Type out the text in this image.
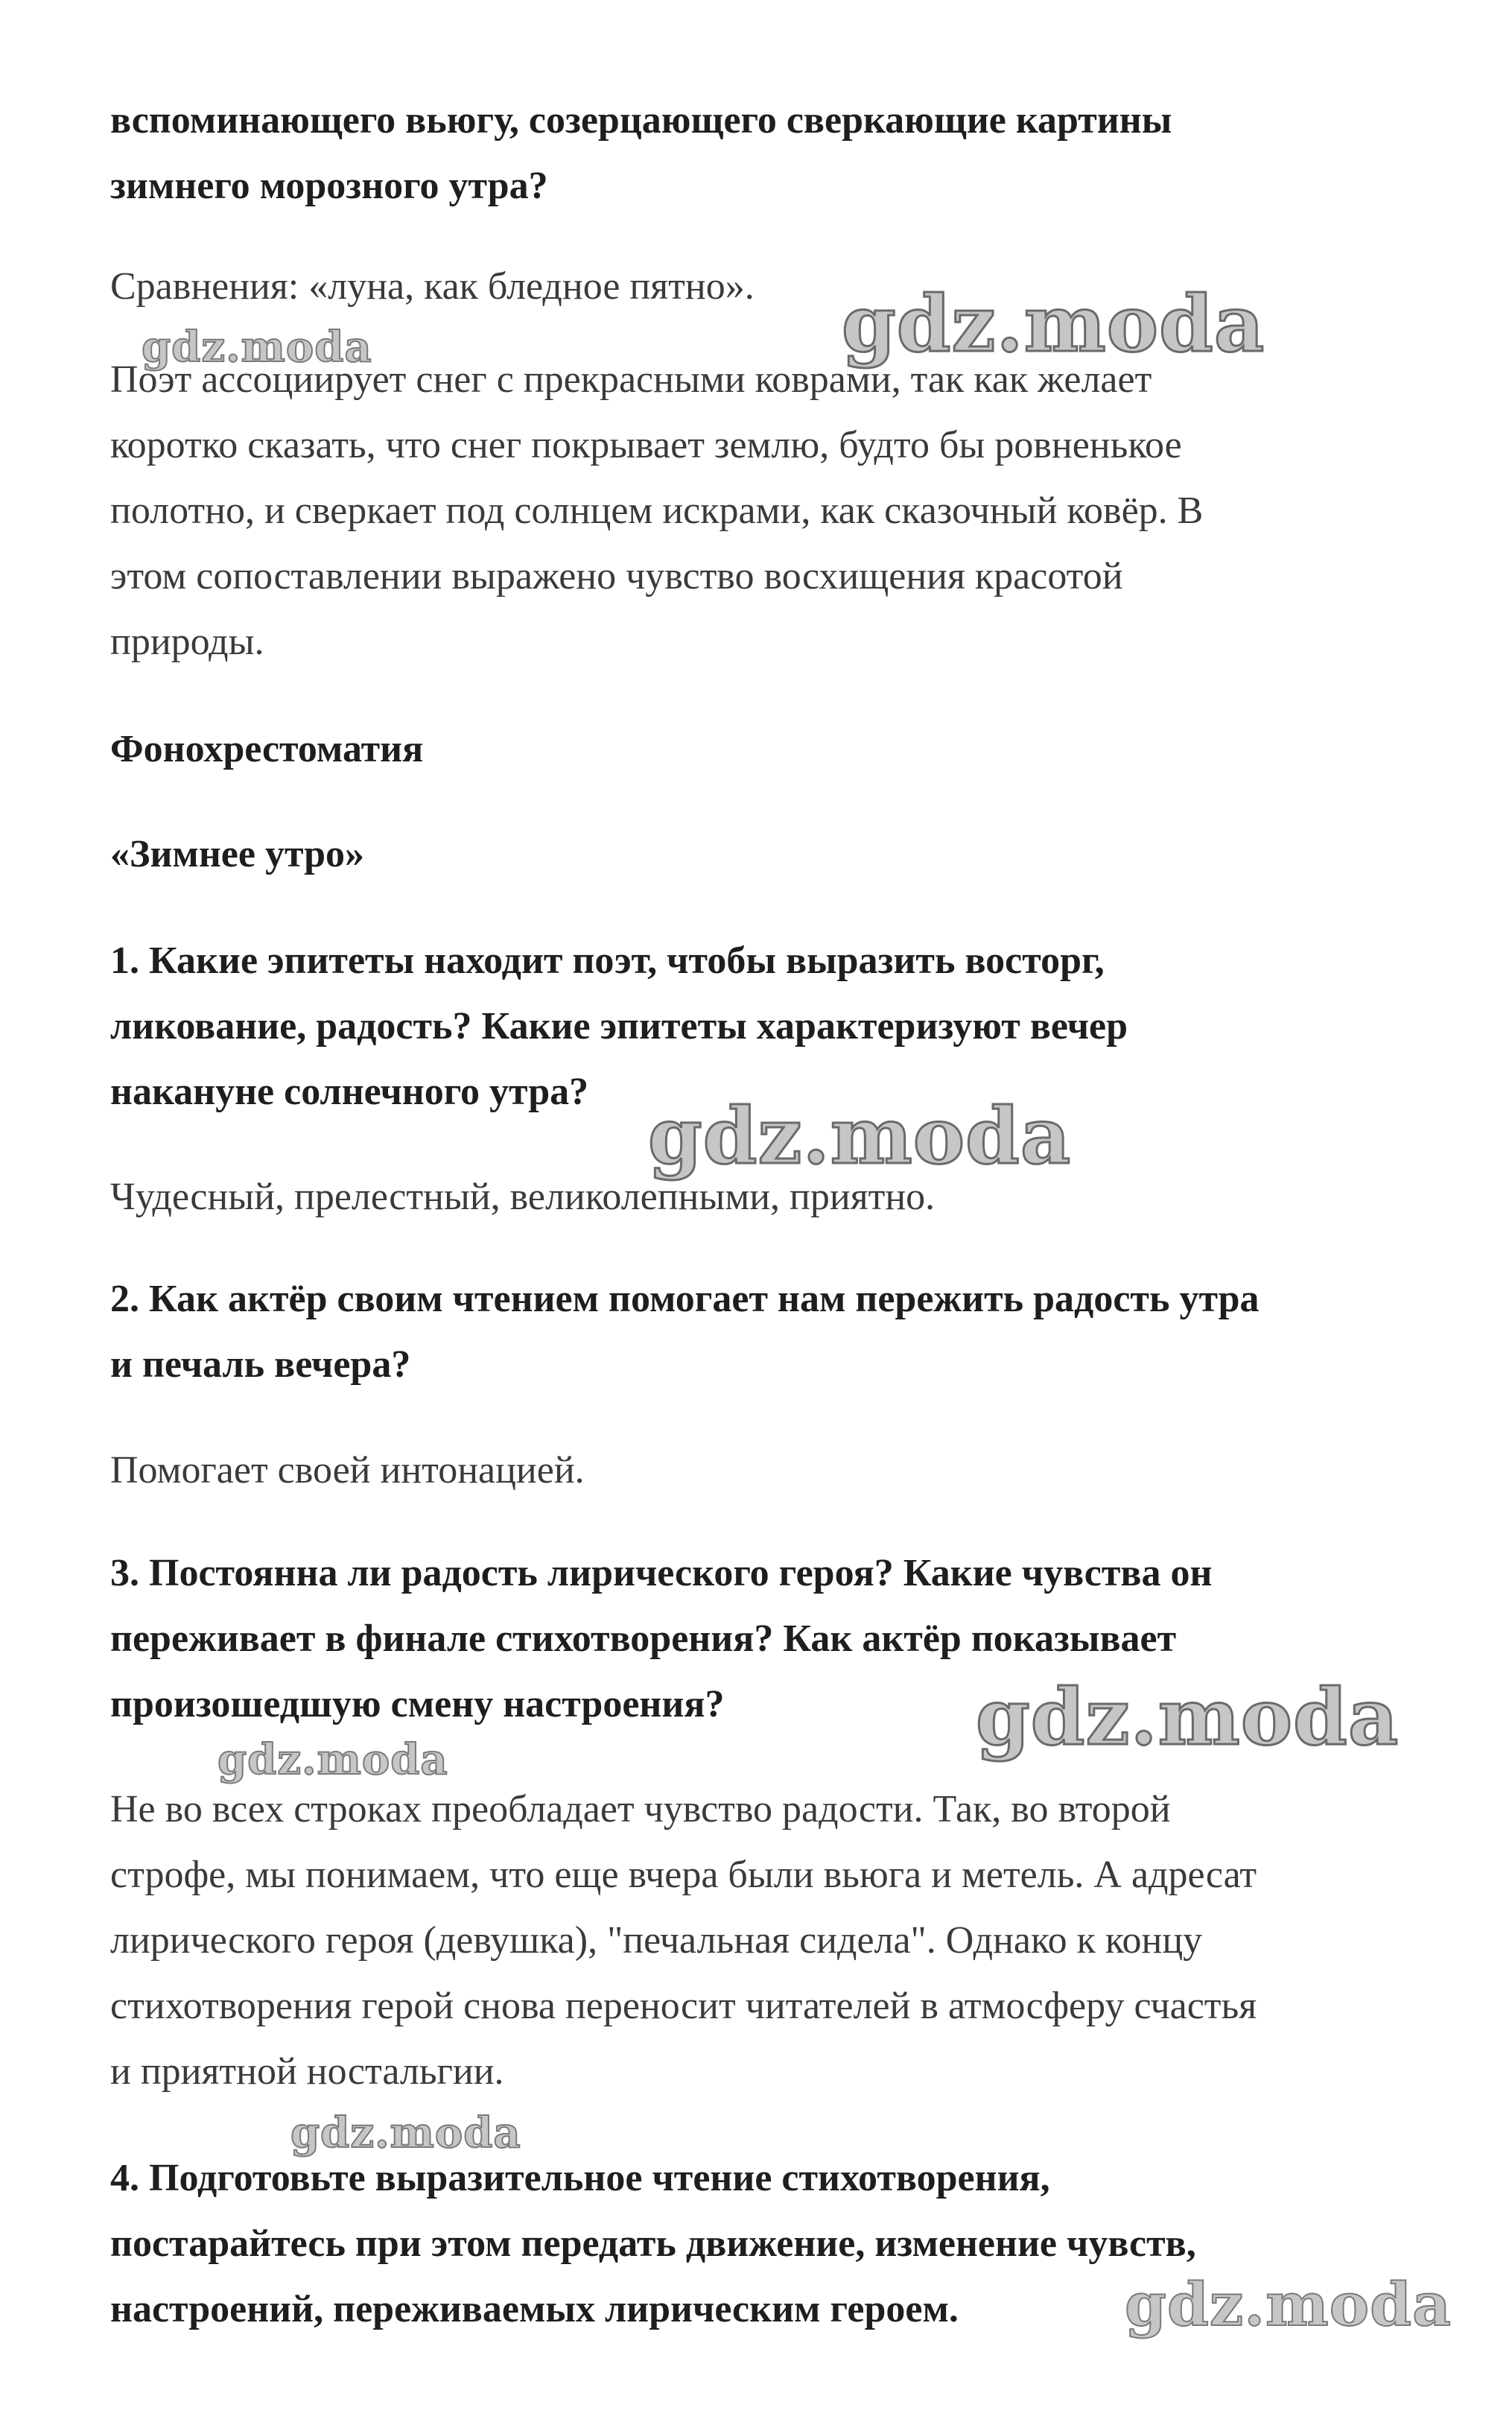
вспоминающего вьюгу, созерцающего сверкающие картины
зимнего морозного утра?
Сравнения: «луна, как бледное пятно».
Поэт ассоциирует снег с прекрасными коврами, так как желает
коротко сказать, что снег покрывает землю, будто бы ровненькое
полотно, и сверкает под солнцем искрами, как сказочный ковёр. В
этом сопоставлении выражено чувство восхищения красотой
природы.
Фонохрестоматия
«Зимнее утро»
1. Какие эпитеты находит поэт, чтобы выразить восторг,
ликование, радость? Какие эпитеты характеризуют вечер
накануне солнечного утра?
Чудесный, прелестный, великолепными, приятно.
2. Как актёр своим чтением помогает нам пережить радость утра
и печаль вечера?
Помогает своей интонацией.
3. Постоянна ли радость лирического героя? Какие чувства он
переживает в финале стихотворения? Как актёр показывает
произошедшую смену настроения?
Не во всех строках преобладает чувство радости. Так, во второй
строфе, мы понимаем, что еще вчера были вьюга и метель. А адресат
лирического героя (девушка), "печальная сидела". Однако к концу
стихотворения герой снова переносит читателей в атмосферу счастья
и приятной ностальгии.
4. Подготовьте выразительное чтение стихотворения,
постарайтесь при этом передать движение, изменение чувств,
настроений, переживаемых лирическим героем.
gdz.moda
gdz.moda
gdz.moda
gdz.moda
gdz.moda
gdz.moda
gdz.moda
